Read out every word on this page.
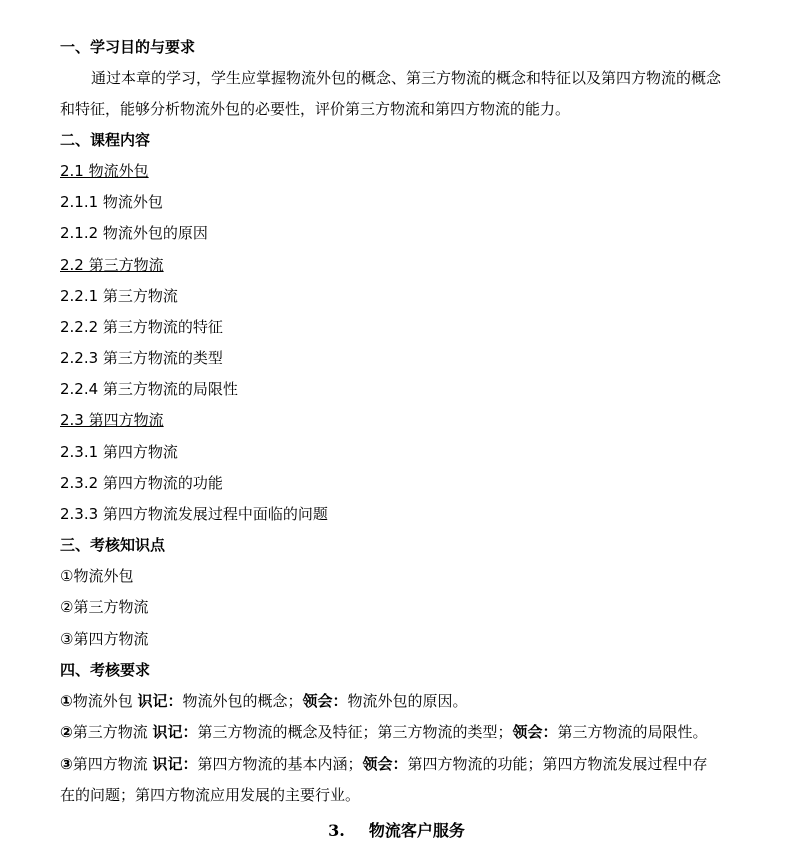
一、学习目的与要求
通过本章的学习，学生应掌握物流外包的概念、第三方物流的概念和特征以及第四方物流的概念
和特征，能够分析物流外包的必要性，评价第三方物流和第四方物流的能力。
二、课程内容
2.1 物流外包
2.1.1 物流外包
2.1.2 物流外包的原因
2.2 第三方物流
2.2.1 第三方物流
2.2.2 第三方物流的特征
2.2.3 第三方物流的类型
2.2.4 第三方物流的局限性
2.3 第四方物流
2.3.1 第四方物流
2.3.2 第四方物流的功能
2.3.3 第四方物流发展过程中面临的问题
三、考核知识点
①物流外包
②第三方物流
③第四方物流
四、考核要求
①物流外包 识记：物流外包的概念；领会：物流外包的原因。
②第三方物流 识记：第三方物流的概念及特征；第三方物流的类型；领会：第三方物流的局限性。
③第四方物流 识记：第四方物流的基本内涵；领会：第四方物流的功能；第四方物流发展过程中存
在的问题；第四方物流应用发展的主要行业。
3. 物流客户服务
